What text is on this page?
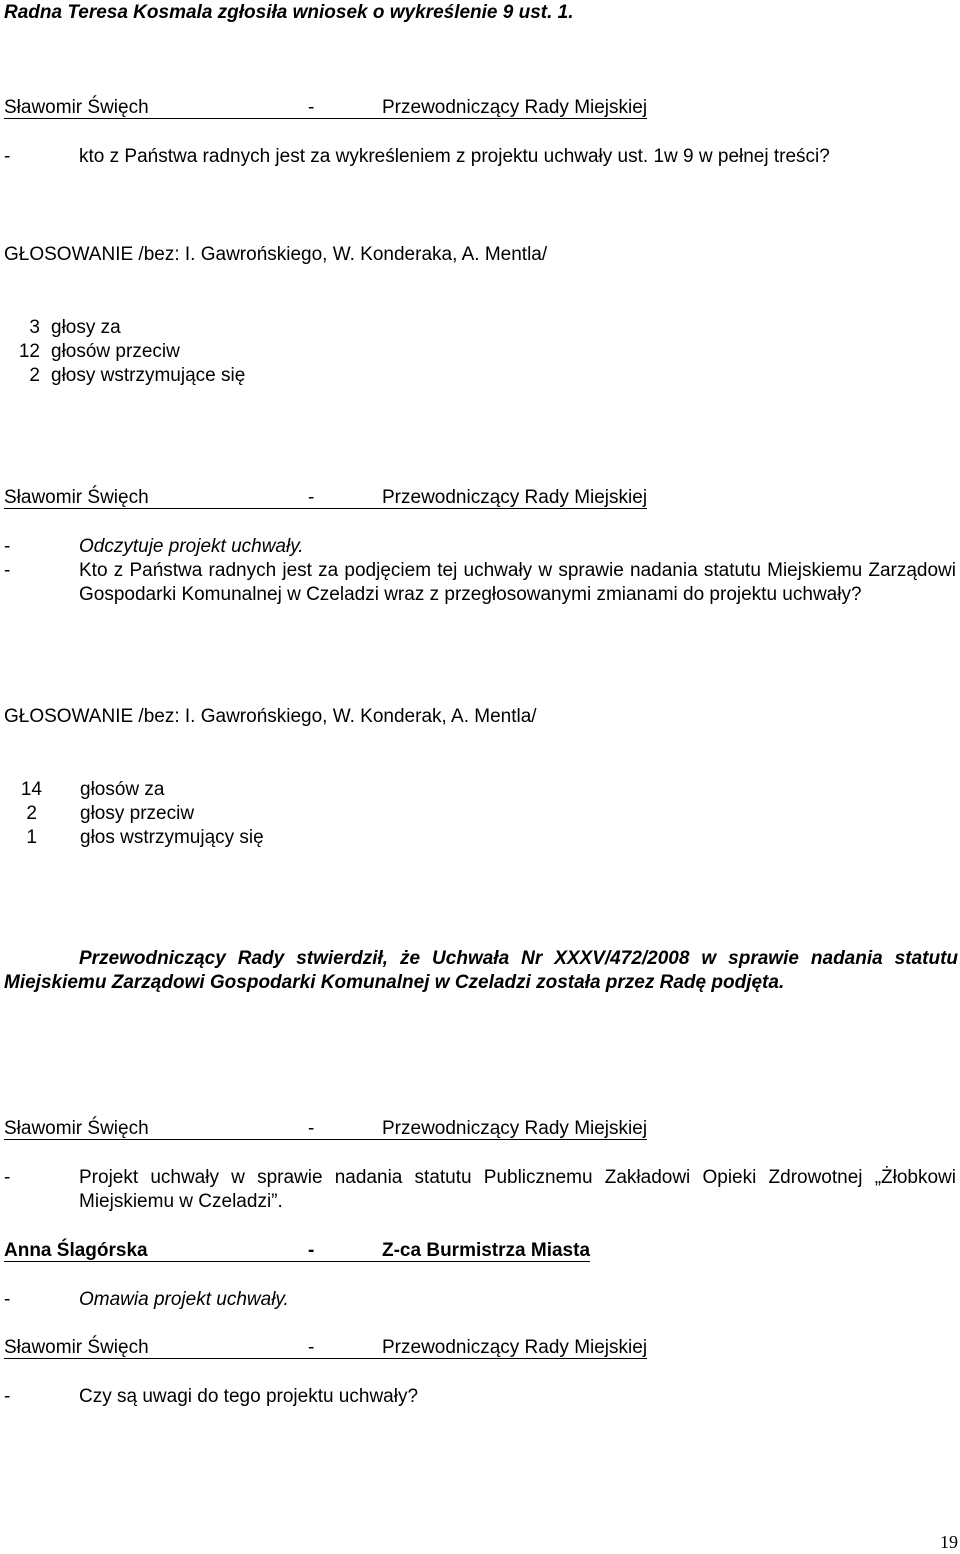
Radna Teresa Kosmala zgłosiła wniosek o wykreślenie 9 ust. 1.
Sławomir Święch	-	Przewodniczący Rady Miejskiej
-	kto z Państwa radnych jest za wykreśleniem z projektu uchwały ust. 1w 9 w pełnej treści?
GŁOSOWANIE /bez: I. Gawrońskiego, W. Konderaka, A. Mentla/
3 głosy za
12 głosów przeciw
2 głosy wstrzymujące się
Sławomir Święch	-	Przewodniczący Rady Miejskiej
-	Odczytuje projekt uchwały.
-	Kto z Państwa radnych jest za podjęciem tej uchwały w sprawie nadania statutu Miejskiemu Zarządowi Gospodarki Komunalnej w Czeladzi wraz z przegłosowanymi zmianami do projektu uchwały?
GŁOSOWANIE /bez: I. Gawrońskiego, W. Konderak, A. Mentla/
14 głosów za
2 głosy przeciw
1 głos wstrzymujący się
Przewodniczący Rady stwierdził, że Uchwała Nr XXXV/472/2008 w sprawie nadania statutu Miejskiemu Zarządowi Gospodarki Komunalnej w Czeladzi została przez Radę podjęta.
Sławomir Święch	-	Przewodniczący Rady Miejskiej
-	Projekt uchwały w sprawie nadania statutu Publicznemu Zakładowi Opieki Zdrowotnej „Żłobkowi Miejskiemu w Czeladzi”.
Anna Ślagórska	-	Z-ca Burmistrza Miasta
-	Omawia projekt uchwały.
Sławomir Święch	-	Przewodniczący Rady Miejskiej
-	Czy są uwagi do tego projektu uchwały?
19
